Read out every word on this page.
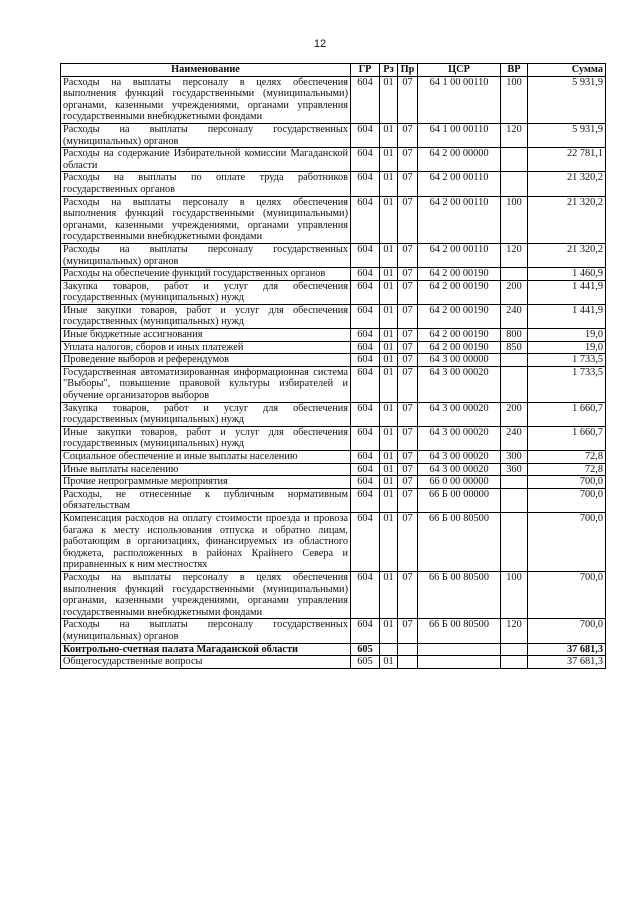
12
Наименование	ГР	Рз	Пр	ЦСР	ВР	Сумма
Расходы на выплаты персоналу в целях обеспечения выполнения функций государственными (муниципальными) органами, казенными учреждениями, органами управления государственными внебюджетными фондами	604	01	07	64 1 00 00110	100	5 931,9
Расходы на выплаты персоналу государственных (муниципальных) органов	604	01	07	64 1 00 00110	120	5 931,9
Расходы на содержание Избирательной комиссии Магаданской области	604	01	07	64 2 00 00000		22 781,1
Расходы на выплаты по оплате труда работников государственных органов	604	01	07	64 2 00 00110		21 320,2
Расходы на выплаты персоналу в целях обеспечения выполнения функций государственными (муниципальными) органами, казенными учреждениями, органами управления государственными внебюджетными фондами	604	01	07	64 2 00 00110	100	21 320,2
Расходы на выплаты персоналу государственных (муниципальных) органов	604	01	07	64 2 00 00110	120	21 320,2
Расходы на обеспечение функций государственных органов	604	01	07	64 2 00 00190		1 460,9
Закупка товаров, работ и услуг для обеспечения государственных (муниципальных) нужд	604	01	07	64 2 00 00190	200	1 441,9
Иные закупки товаров, работ и услуг для обеспечения государственных (муниципальных) нужд	604	01	07	64 2 00 00190	240	1 441,9
Иные бюджетные ассигнования	604	01	07	64 2 00 00190	800	19,0
Уплата налогов, сборов и иных платежей	604	01	07	64 2 00 00190	850	19,0
Проведение выборов и референдумов	604	01	07	64 3 00 00000		1 733,5
Государственная автоматизированная информационная система "Выборы", повышение правовой культуры избирателей и обучение организаторов выборов	604	01	07	64 3 00 00020		1 733,5
Закупка товаров, работ и услуг для обеспечения государственных (муниципальных) нужд	604	01	07	64 3 00 00020	200	1 660,7
Иные закупки товаров, работ и услуг для обеспечения государственных (муниципальных) нужд	604	01	07	64 3 00 00020	240	1 660,7
Социальное обеспечение и иные выплаты населению	604	01	07	64 3 00 00020	300	72,8
Иные выплаты населению	604	01	07	64 3 00 00020	360	72,8
Прочие непрограммные мероприятия	604	01	07	66 0 00 00000		700,0
Расходы, не отнесенные к публичным нормативным обязательствам	604	01	07	66 Б 00 00000		700,0
Компенсация расходов на оплату стоимости проезда и провоза багажа к месту использования отпуска и обратно лицам, работающим в организациях, финансируемых из областного бюджета, расположенных в районах Крайнего Севера и приравненных к ним местностях	604	01	07	66 Б 00 80500		700,0
Расходы на выплаты персоналу в целях обеспечения выполнения функций государственными (муниципальными) органами, казенными учреждениями, органами управления государственными внебюджетными фондами	604	01	07	66 Б 00 80500	100	700,0
Расходы на выплаты персоналу государственных (муниципальных) органов	604	01	07	66 Б 00 80500	120	700,0
Контрольно-счетная палата Магаданской области	605					37 681,3
Общегосударственные вопросы	605	01				37 681,3
